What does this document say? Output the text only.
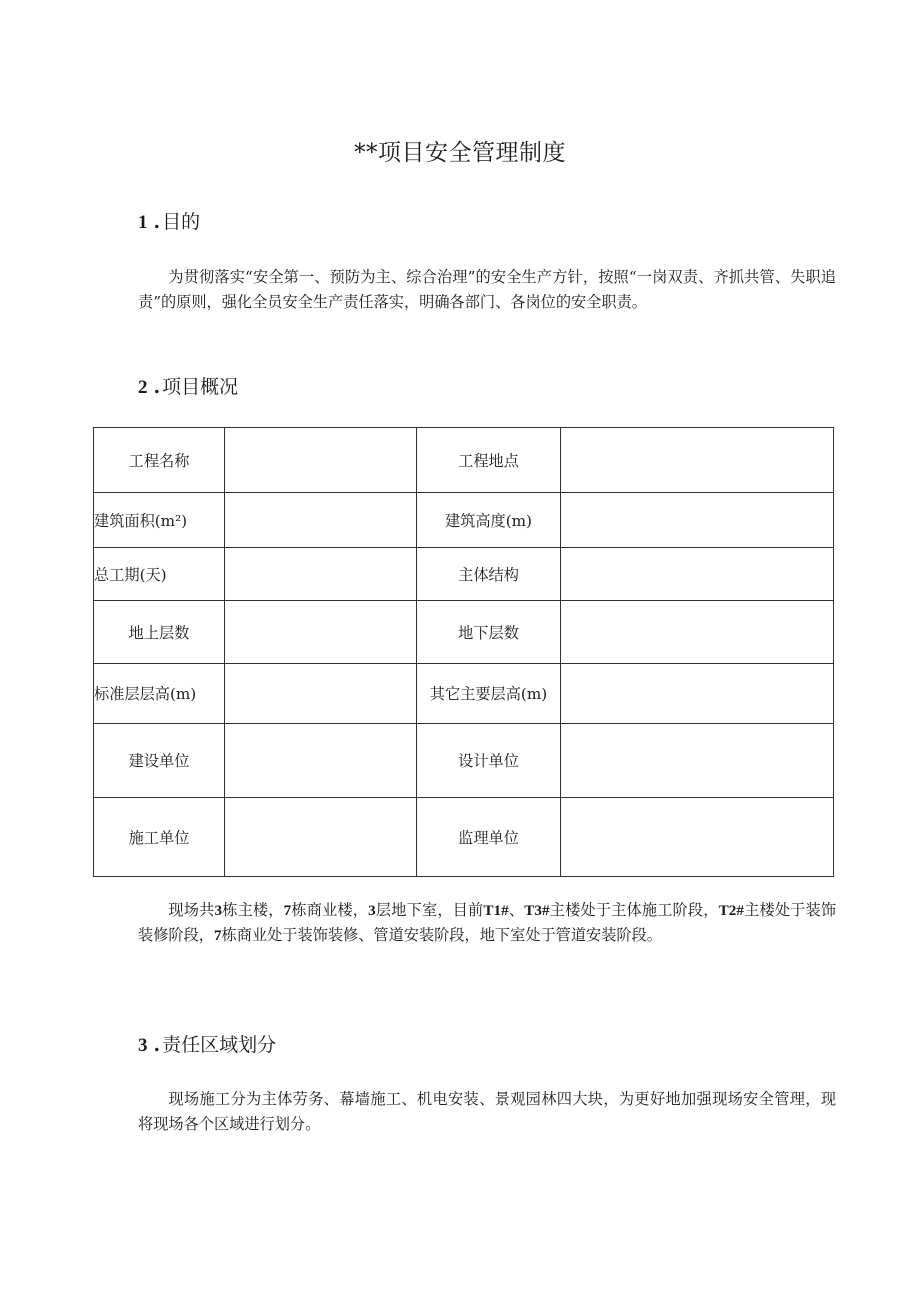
**项目安全管理制度
1 . 目的
为贯彻落实“安全第一、预防为主、综合治理”的安全生产方针，按照“一岗双责、齐抓共管、失职追责”的原则，强化全员安全生产责任落实，明确各部门、各岗位的安全职责。
2 . 项目概况
工程名称		工程地点	
建筑面积(m²)		建筑高度(m)	
总工期(天)		主体结构	
地上层数		地下层数	
标准层层高(m)		其它主要层高(m)	
建设单位		设计单位	
施工单位		监理单位	
现场共3栋主楼，7栋商业楼，3层地下室，目前T1#、T3#主楼处于主体施工阶段，T2#主楼处于装饰装修阶段，7栋商业处于装饰装修、管道安装阶段，地下室处于管道安装阶段。
3 . 责任区域划分
现场施工分为主体劳务、幕墙施工、机电安装、景观园林四大块，为更好地加强现场安全管理，现将现场各个区域进行划分。
